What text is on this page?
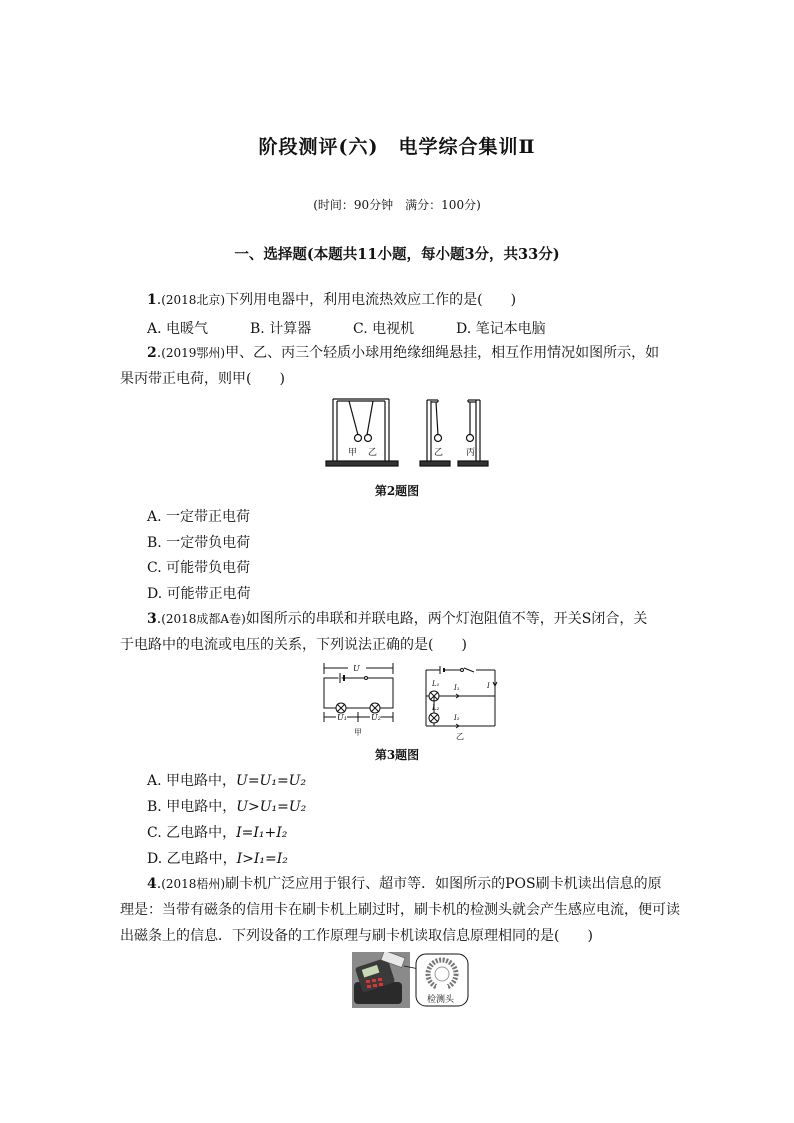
阶段测评(六)　电学综合集训Ⅱ
(时间：90分钟　满分：100分)
一、选择题(本题共11小题，每小题3分，共33分)
1.(2018北京)下列用电器中，利用电流热效应工作的是(　　)
A. 电暖气	B. 计算器	C. 电视机	D. 笔记本电脑
2.(2019鄂州)甲、乙、丙三个轻质小球用绝缘细绳悬挂，相互作用情况如图所示，如
果丙带正电荷，则甲(　　)
甲 乙	乙	丙
第2题图
A. 一定带正电荷
B. 一定带负电荷
C. 可能带负电荷
D. 可能带正电荷
3.(2018成都A卷)如图所示的串联和并联电路，两个灯泡阻值不等，开关S闭合，关
于电路中的电流或电压的关系，下列说法正确的是(　　)
U
U₁	U₂
甲
L₁
L₂
I
I₁
I₂
乙
第3题图
A. 甲电路中，U=U₁=U₂
B. 甲电路中，U>U₁=U₂
C. 乙电路中，I=I₁+I₂
D. 乙电路中，I>I₁=I₂
4.(2018梧州)刷卡机广泛应用于银行、超市等．如图所示的POS刷卡机读出信息的原
理是：当带有磁条的信用卡在刷卡机上刷过时，刷卡机的检测头就会产生感应电流，便可读
出磁条上的信息．下列设备的工作原理与刷卡机读取信息原理相同的是(　　)
检测头
